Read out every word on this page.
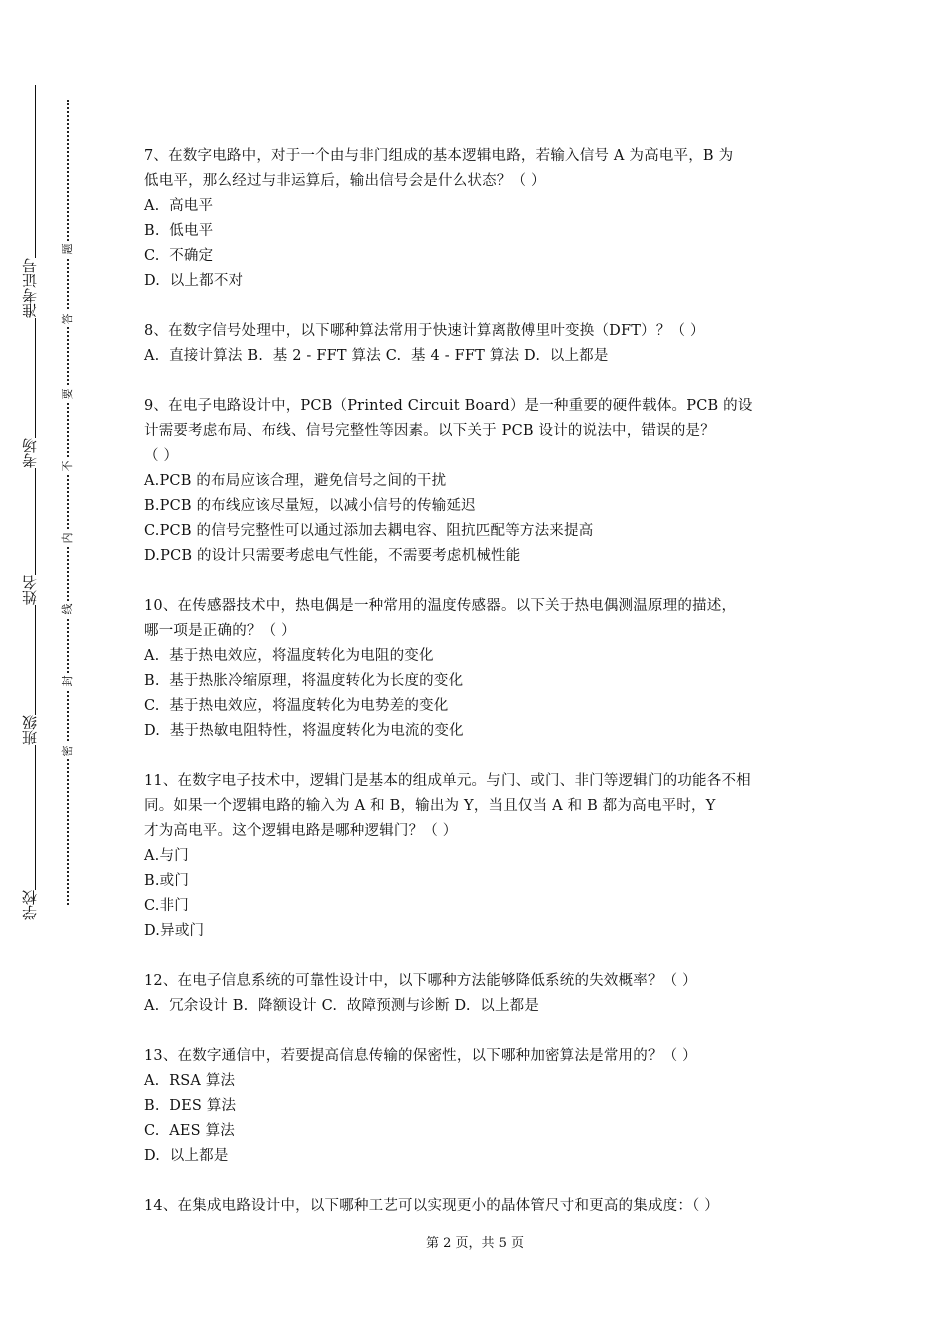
准考证号
考场
姓名
班级
学校
题
答
要
不
内
线
封
密
7、在数字电路中，对于一个由与非门组成的基本逻辑电路，若输入信号 A 为高电平，B 为
低电平，那么经过与非运算后，输出信号会是什么状态？（ ）
A.  高电平
B.  低电平
C.  不确定
D.  以上都不对
8、在数字信号处理中，以下哪种算法常用于快速计算离散傅里叶变换（DFT）？（ ）
A.  直接计算法 B.  基 2 - FFT 算法 C.  基 4 - FFT 算法 D.  以上都是
9、在电子电路设计中，PCB（Printed Circuit Board）是一种重要的硬件载体。PCB 的设
计需要考虑布局、布线、信号完整性等因素。以下关于 PCB 设计的说法中，错误的是？
（ ）
A.PCB 的布局应该合理，避免信号之间的干扰
B.PCB 的布线应该尽量短，以减小信号的传输延迟
C.PCB 的信号完整性可以通过添加去耦电容、阻抗匹配等方法来提高
D.PCB 的设计只需要考虑电气性能，不需要考虑机械性能
10、在传感器技术中，热电偶是一种常用的温度传感器。以下关于热电偶测温原理的描述，
哪一项是正确的？（ ）
A.  基于热电效应，将温度转化为电阻的变化
B.  基于热胀冷缩原理，将温度转化为长度的变化
C.  基于热电效应，将温度转化为电势差的变化
D.  基于热敏电阻特性，将温度转化为电流的变化
11、在数字电子技术中，逻辑门是基本的组成单元。与门、或门、非门等逻辑门的功能各不相
同。如果一个逻辑电路的输入为 A 和 B，输出为 Y，当且仅当 A 和 B 都为高电平时，Y
才为高电平。这个逻辑电路是哪种逻辑门？（ ）
A.与门
B.或门
C.非门
D.异或门
12、在电子信息系统的可靠性设计中，以下哪种方法能够降低系统的失效概率？（ ）
A.  冗余设计 B.  降额设计 C.  故障预测与诊断 D.  以上都是
13、在数字通信中，若要提高信息传输的保密性，以下哪种加密算法是常用的？（ ）
A.  RSA 算法
B.  DES 算法
C.  AES 算法
D.  以上都是
14、在集成电路设计中，以下哪种工艺可以实现更小的晶体管尺寸和更高的集成度：（ ）
第 2 页，共 5 页
